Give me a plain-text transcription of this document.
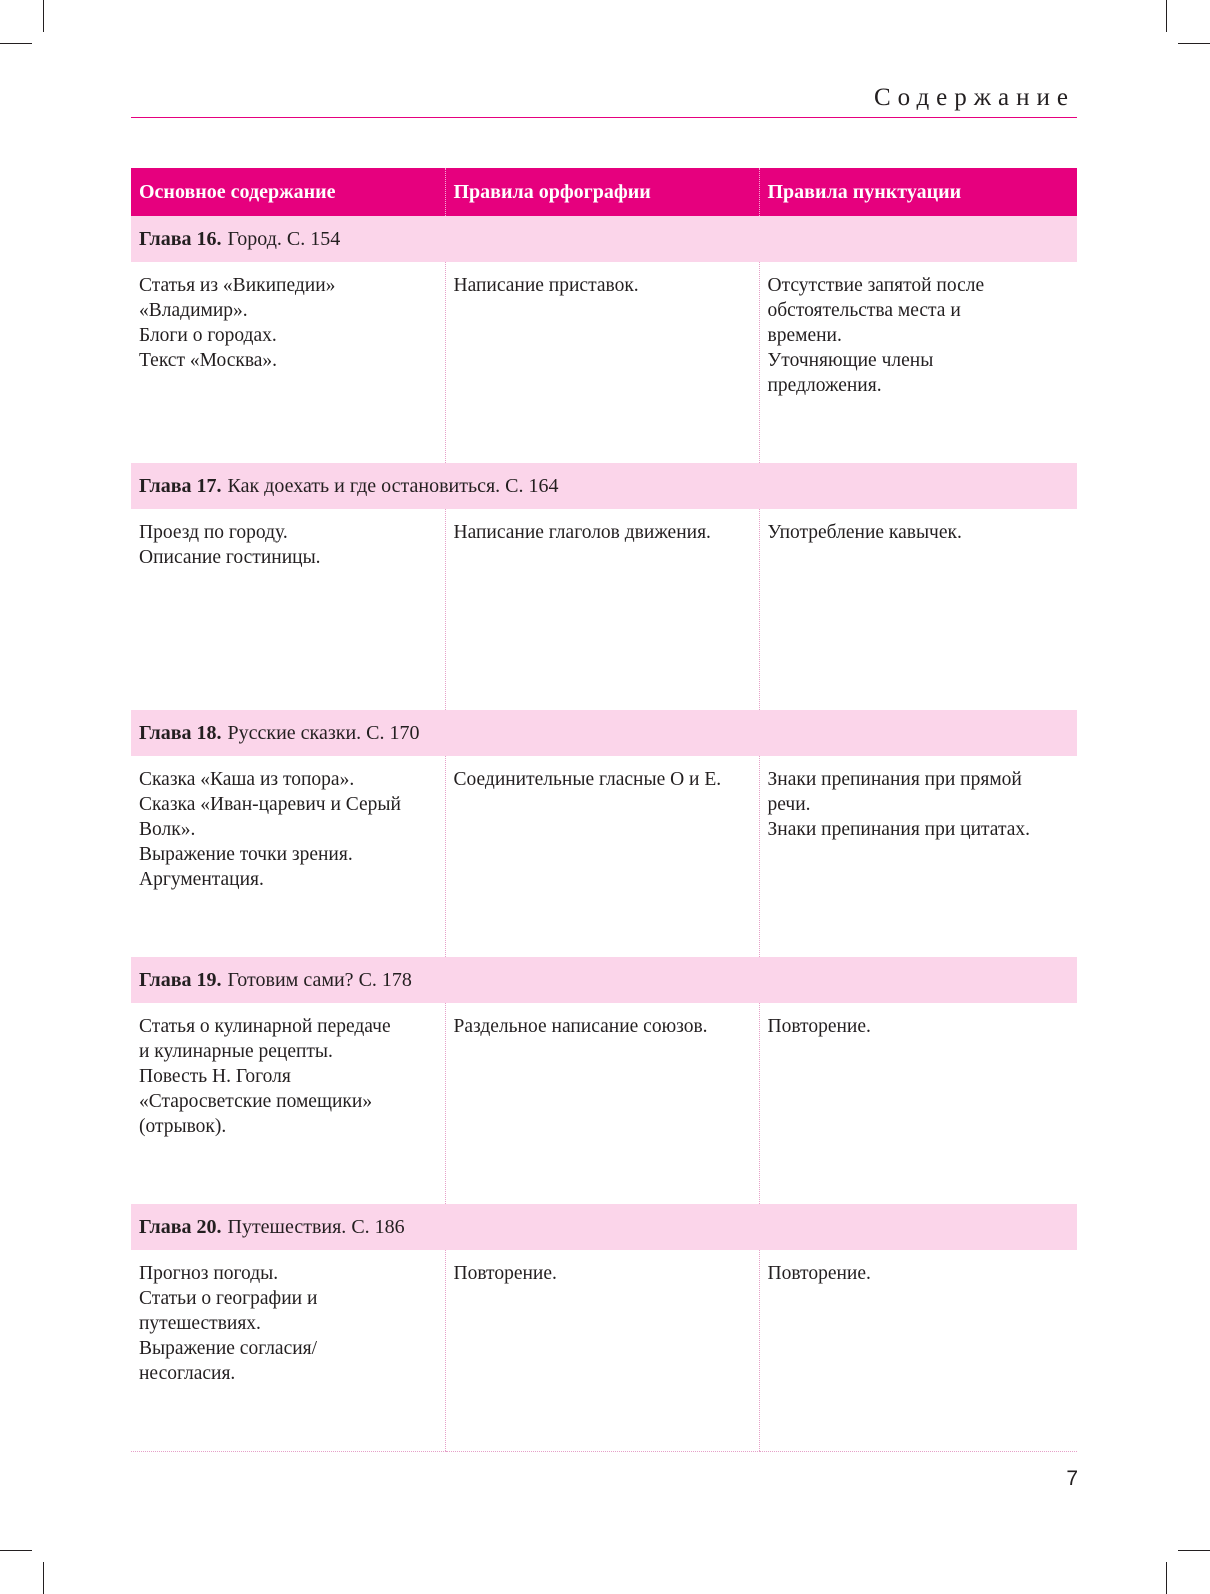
Содержание
Основное содержание	Правила орфографии	Правила пунктуации
Глава 16. Город. С. 154		

Статья из «Википедии»
«Владимир».
Блоги о городах.
Текст «Москва».	Написание приставок.	Отсутствие запятой после
обстоятельства места и
времени.
Уточняющие члены
предложения.

Глава 17. Как доехать и где остановиться. С. 164		

Проезд по городу.
Описание гостиницы.	Написание глаголов движения.	Употребление кавычек.

Глава 18. Русские сказки. С. 170		

Сказка «Каша из топора».
Сказка «Иван-царевич и Серый
Волк».
Выражение точки зрения.
Аргументация.	Соединительные гласные О и Е.	Знаки препинания при прямой
речи.
Знаки препинания при цитатах.

Глава 19. Готовим сами? С. 178		

Статья о кулинарной передаче
и кулинарные рецепты.
Повесть Н. Гоголя
«Старосветские помещики»
(отрывок).	Раздельное написание союзов.	Повторение.

Глава 20. Путешествия. С. 186		

Прогноз погоды.
Статьи о географии и
путешествиях.
Выражение согласия/
несогласия.	Повторение.	Повторение.
7
